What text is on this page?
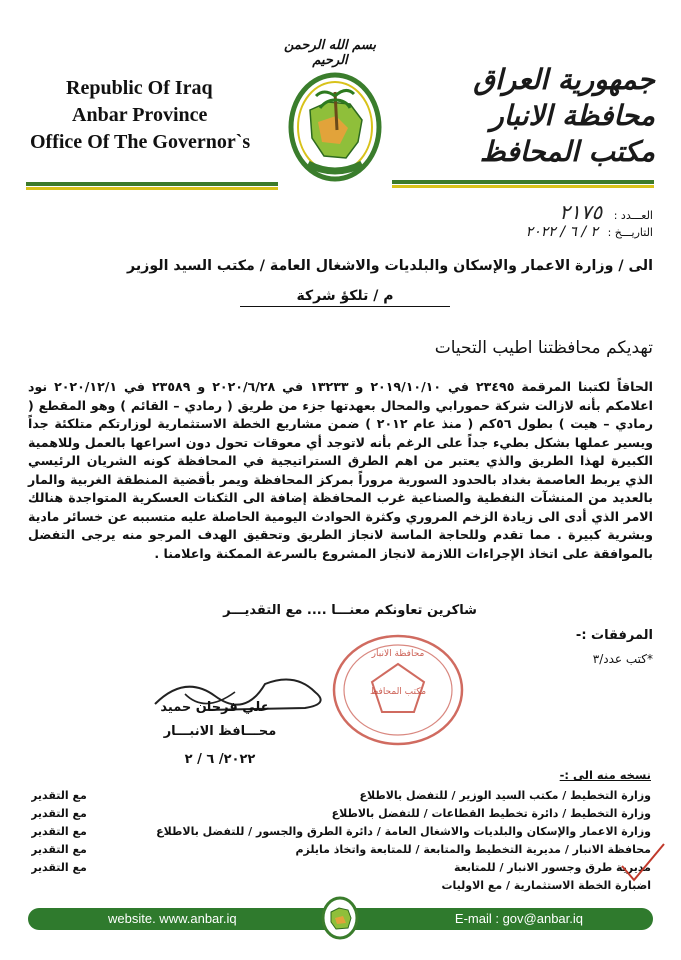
Republic Of Iraq
Anbar Province
Office Of The Governor`s
جمهورية العراق
محافظة الانبار
مكتب المحافظ
بسم الله الرحمن الرحيم
العـــدد : ٢١٧٥
التاريـــخ : ٢ / ٦ / ٢٠٢٢
الى / وزارة الاعمار والإسكان والبلديات والاشغال العامة / مكتب السيد الوزير
م / تلكؤ شركة
تهديكم محافظتنا اطيب التحيات
الحاقاً لكتبنا المرقمة ٢٣٤٩٥ في ٢٠١٩/١٠/١٠ و ١٣٢٣٣ في ٢٠٢٠/٦/٢٨ و ٢٣٥٨٩ في ٢٠٢٠/١٢/١ نود اعلامكم بأنه لازالت شركة حمورابي والمحال بعهدتها جزء من طريق ( رمادي – القائم ) وهو المقطع ( رمادي – هيت ) بطول ٥٦كم ( منذ عام ٢٠١٢ ) ضمن مشاريع الخطة الاستثمارية لوزارتكم متلكئة جداً ويسير عملها بشكل بطيء جداً على الرغم بأنه لاتوجد أي معوقات تحول دون اسراعها بالعمل وللاهمية الكبيرة لهذا الطريق والذي يعتبر من اهم الطرق الستراتيجية في المحافظة كونه الشريان الرئيسي الذي يربط العاصمة بغداد بالحدود السورية مروراً بمركز المحافظة ويمر بأقضية المنطقة الغربية والمار بالعديد من المنشآت النفطية والصناعية غرب المحافظة إضافة الى الثكنات العسكرية المتواجدة هنالك الامر الذي أدى الى زيادة الزخم المروري وكثرة الحوادث اليومية الحاصلة عليه متسببه عن خسائر مادية وبشرية كبيرة . مما تقدم وللحاجة الماسة لانجاز الطريق وتحقيق الهدف المرجو منه يرجى التفضل بالموافقة على اتخاذ الإجراءات اللازمة لانجاز المشروع بالسرعة الممكنة واعلامنا .
شاكرين تعاونكم معنـــا .... مع التقديـــر
المرفقات :-
*كتب عدد/٣
محافظة الانبار
مكتب المحافظ
علي فرحان حميد
محـــافظ الانبـــار
٢٠٢٢/ ٦ / ٢
نسخه منه الى :-
وزارة التخطيط / مكتب السيد الوزير / للتفضل بالاطلاع
مع التقدير
وزارة التخطيط / دائرة تخطيط القطاعات / للتفضل بالاطلاع
مع التقدير
وزارة الاعمار والإسكان والبلديات والاشغال العامة / دائرة الطرق والجسور / للتفضل بالاطلاع
مع التقدير
محافظة الانبار / مديرية التخطيط والمتابعة / للمتابعة واتخاذ مايلزم
مع التقدير
مديرية طرق وجسور الانبار / للمتابعة
مع التقدير
اضبارة الخطة الاستثمارية / مع الاوليات
website. www.anbar.iq	E-mail : gov@anbar.iq
